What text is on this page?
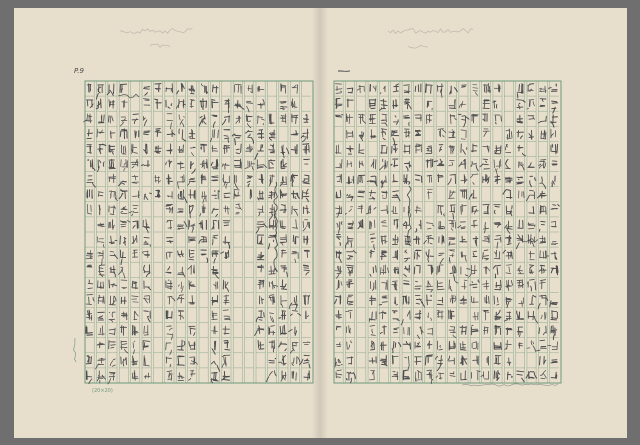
P.9
(20×20)
